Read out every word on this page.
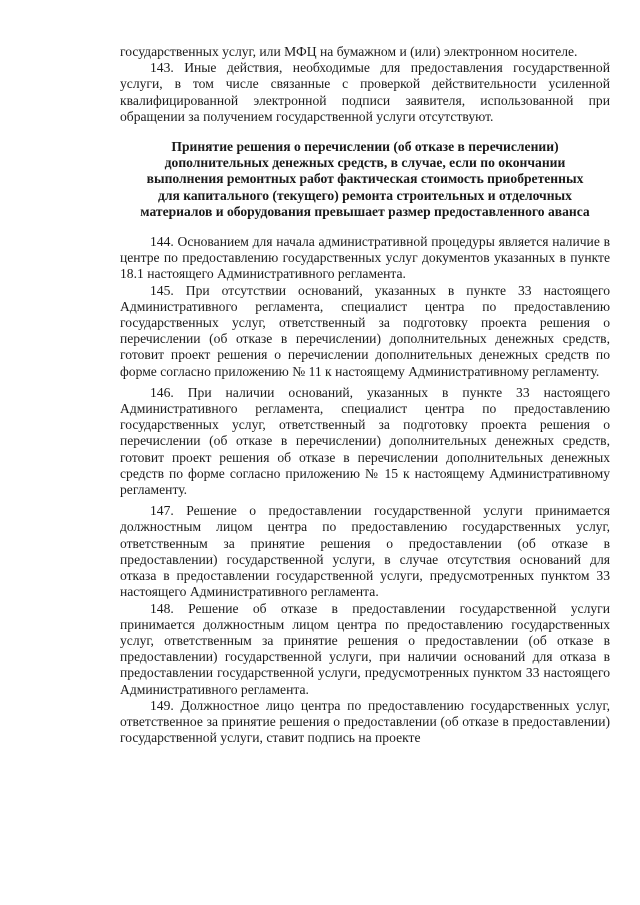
государственных услуг, или МФЦ на бумажном и (или) электронном носителе.

143. Иные действия, необходимые для предоставления государственной услуги, в том числе связанные с проверкой действительности усиленной квалифицированной электронной подписи заявителя, использованной при обращении за получением государственной услуги отсутствуют.

Принятие решения о перечислении (об отказе в перечислении) дополнительных денежных средств, в случае, если по окончании выполнения ремонтных работ фактическая стоимость приобретенных для капитального (текущего) ремонта строительных и отделочных материалов и оборудования превышает размер предоставленного аванса

144. Основанием для начала административной процедуры является наличие в центре по предоставлению государственных услуг документов указанных в пункте 18.1 настоящего Административного регламента.

145. При отсутствии оснований, указанных в пункте 33 настоящего Административного регламента, специалист центра по предоставлению государственных услуг, ответственный за подготовку проекта решения о перечислении (об отказе в перечислении) дополнительных денежных средств, готовит проект решения о перечислении дополнительных денежных средств по форме согласно приложению № 11 к настоящему Административному регламенту.

146. При наличии оснований, указанных в пункте 33 настоящего Административного регламента, специалист центра по предоставлению государственных услуг, ответственный за подготовку проекта решения о перечислении (об отказе в перечислении) дополнительных денежных средств, готовит проект решения об отказе в перечислении дополнительных денежных средств по форме согласно приложению № 15 к настоящему Административному регламенту.

147. Решение о предоставлении государственной услуги принимается должностным лицом центра по предоставлению государственных услуг, ответственным за принятие решения о предоставлении (об отказе в предоставлении) государственной услуги, в случае отсутствия оснований для отказа в предоставлении государственной услуги, предусмотренных пунктом 33 настоящего Административного регламента.

148. Решение об отказе в предоставлении государственной услуги принимается должностным лицом центра по предоставлению государственных услуг, ответственным за принятие решения о предоставлении (об отказе в предоставлении) государственной услуги, при наличии оснований для отказа в предоставлении государственной услуги, предусмотренных пунктом 33 настоящего Административного регламента.

149. Должностное лицо центра по предоставлению государственных услуг, ответственное за принятие решения о предоставлении (об отказе в предоставлении) государственной услуги, ставит подпись на проекте
